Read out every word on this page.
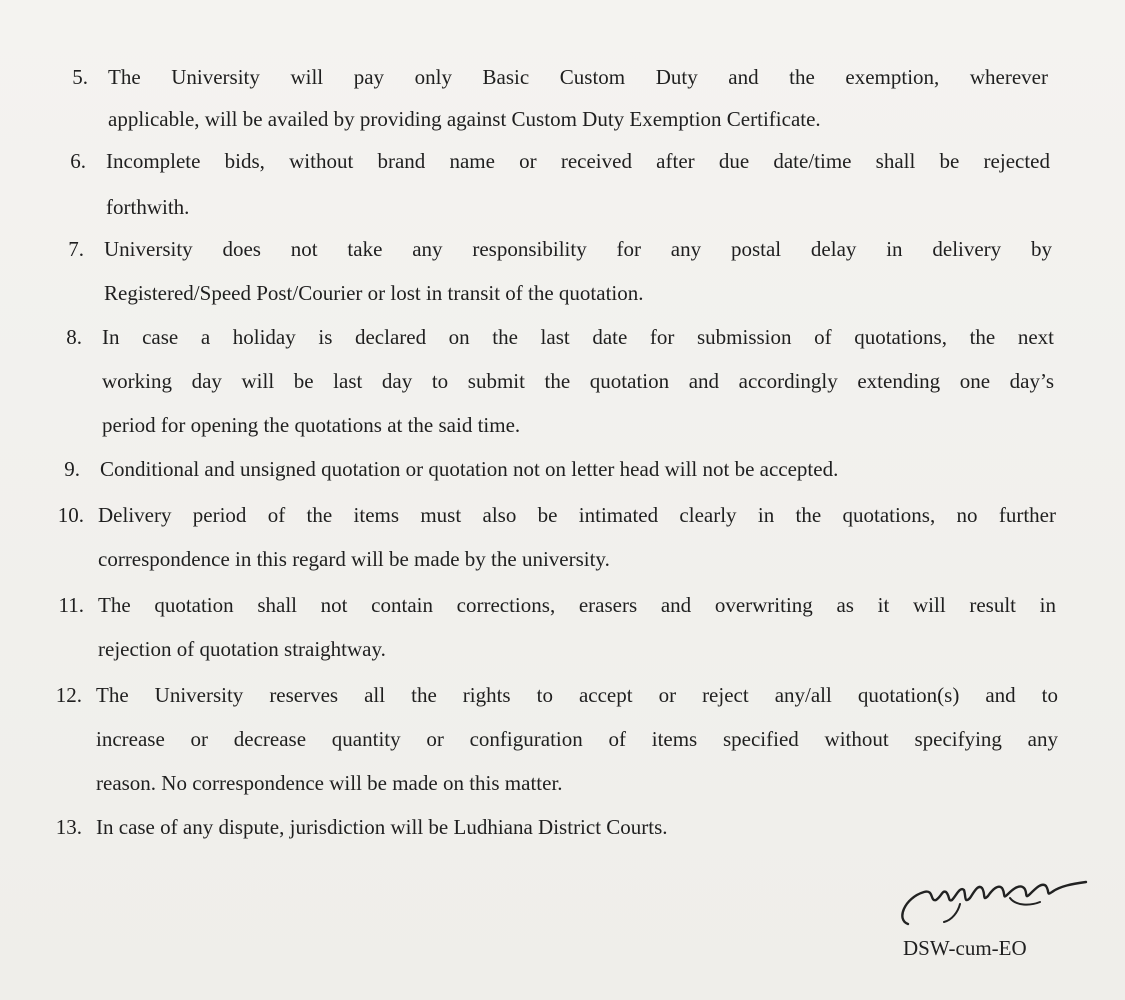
5. The University will pay only Basic Custom Duty and the exemption, wherever
applicable, will be availed by providing against Custom Duty Exemption Certificate.
6. Incomplete bids, without brand name or received after due date/time shall be rejected
forthwith.
7. University does not take any responsibility for any postal delay in delivery by
Registered/Speed Post/Courier or lost in transit of the quotation.
8. In case a holiday is declared on the last date for submission of quotations, the next
working day will be last day to submit the quotation and accordingly extending one day’s
period for opening the quotations at the said time.
9. Conditional and unsigned quotation or quotation not on letter head will not be accepted.
10. Delivery period of the items must also be intimated clearly in the quotations, no further
correspondence in this regard will be made by the university.
11. The quotation shall not contain corrections, erasers and overwriting as it will result in
rejection of quotation straightway.
12. The University reserves all the rights to accept or reject any/all quotation(s) and to
increase or decrease quantity or configuration of items specified without specifying any
reason. No correspondence will be made on this matter.
13. In case of any dispute, jurisdiction will be Ludhiana District Courts.
DSW-cum-EO
